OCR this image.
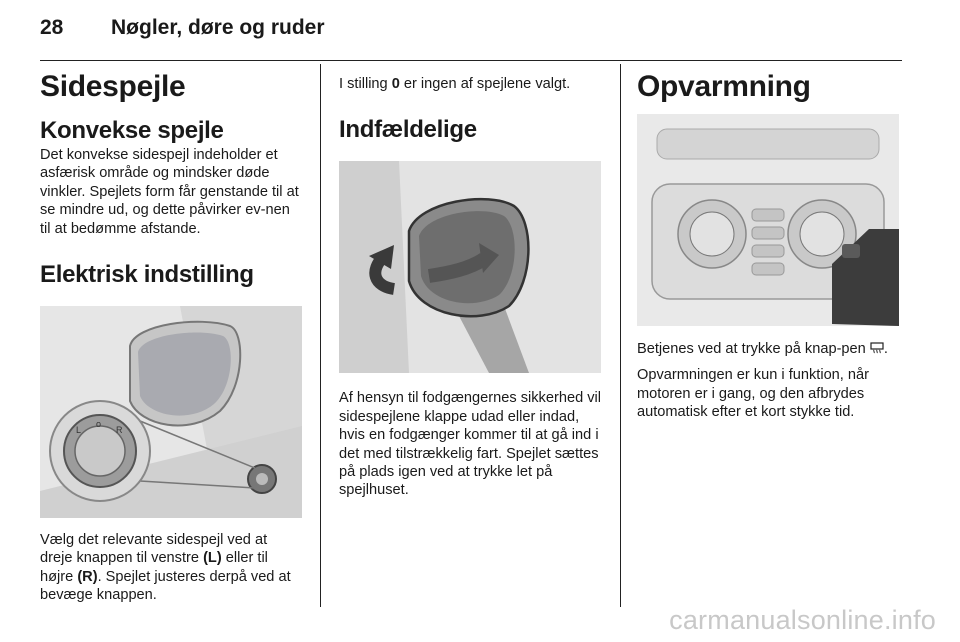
28 Nøgler, døre og ruder
Sidespejle
Konvekse spejle

Det konvekse sidespejl indeholder et asfærisk område og mindsker døde vinkler. Spejlets form får genstande til at se mindre ud, og dette påvirker ev-nen til at bedømme afstande.

Elektrisk indstilling
L
o
R

Vælg det relevante sidespejl ved at dreje knappen til venstre (L) eller til højre (R). Spejlet justeres derpå ved at bevæge knappen.

I stilling 0 er ingen af spejlene valgt.

Indfældelige

Af hensyn til fodgængernes sikkerhed vil sidespejlene klappe udad eller indad, hvis en fodgænger kommer til at gå ind i det med tilstrækkelig fart. Spejlet sættes på plads igen ved at trykke let på spejlhuset.

Opvarmning

Betjenes ved at trykke på knap-pen .

Opvarmningen er kun i funktion, når motoren er i gang, og den afbrydes automatisk efter et kort stykke tid.

carmanualsonline.info
